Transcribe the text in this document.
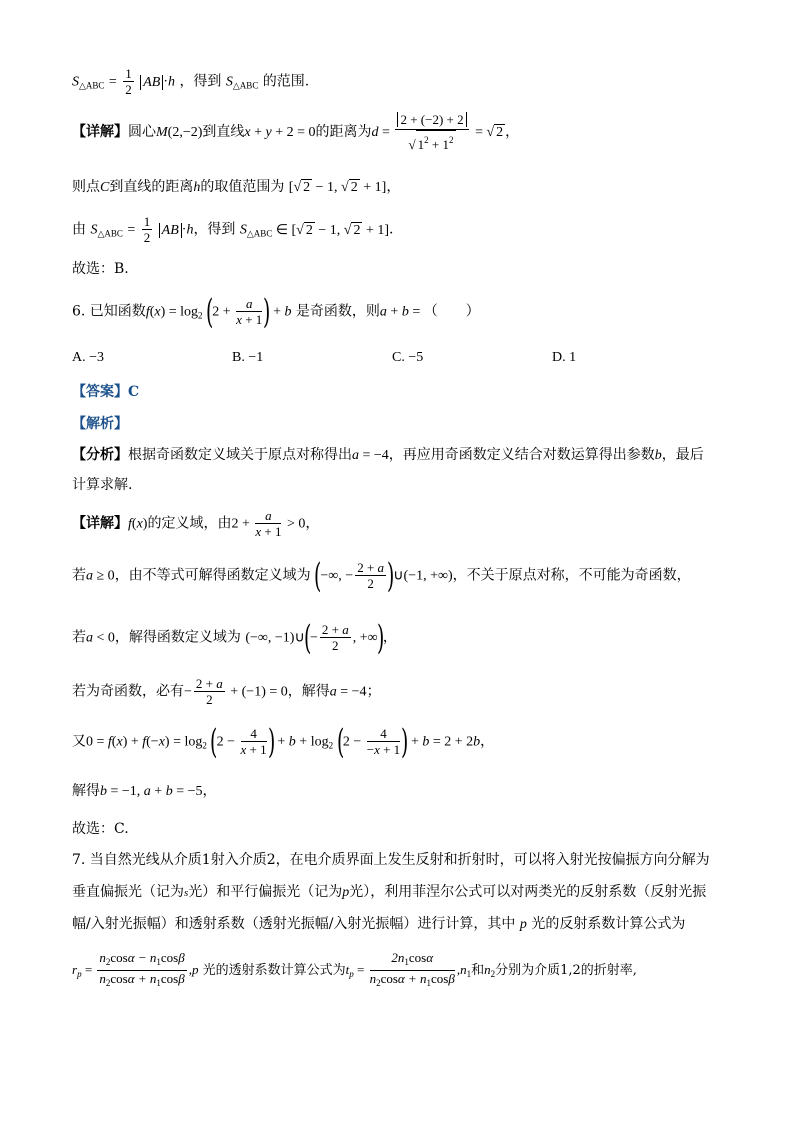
$S_{\triangle ABC} = \frac{1}{2}$ AB ·h ，得到 $S_{\triangle ABC}$ 的范围.
【详解】圆心M(2,−2)到直线x + y + 2 = 0的距离为$d = \frac{2 + (-2) + 2}{√ 1^2 + 1^2}$ = √ 2 ，
则点C到直线的距离h的取值范围为 [√ 2 − 1, √ 2 + 1]，
由 $S_{\triangle ABC} = \frac{1}{2}$ AB ·h，得到 $S_{\triangle ABC}$ ∈ [√ 2 − 1, √ 2 + 1].
故选：B.
6. 已知函数$f(x) = \log_2 (2 + \frac{a}{x + 1}$ ) + b 是奇函数，则a + b = （　　）
A. −3	B. −1	C. −5	D. 1
【答案】C
【解析】
【分析】根据奇函数定义域关于原点对称得出a = −4，再应用奇函数定义结合对数运算得出参数b，最后
计算求解.
【详解】f(x)的定义域，由$2 + \frac{a}{x + 1} > 0$，
若a ≥ 0，由不等式可解得函数定义域为 (−∞, − $\frac{2 + a}{2}$ )∪(−1, +∞)，不关于原点对称，不可能为奇函数，
若a < 0，解得函数定义域为 (−∞, −1)∪(− $\frac{2 + a}{2}$ , +∞)，
若为奇函数，必有− $\frac{2 + a}{2} + (-1) = 0$，解得a = −4；
又$0 = f(x) + f(-x) = \log_2 (2 - \frac{4}{x + 1}$ ) + $b + \log_2 (2 - \frac{4}{-x + 1}$ ) + b = 2 + 2b，
解得b = −1, a + b = −5，
故选：C.
7. 当自然光线从介质1射入介质2，在电介质界面上发生反射和折射时，可以将入射光按偏振方向分解为
垂直偏振光（记为s光）和平行偏振光（记为p光），利用菲涅尔公式可以对两类光的反射系数（反射光振
幅/入射光振幅）和透射系数（透射光振幅/入射光振幅）进行计算，其中 p 光的反射系数计算公式为
$r_p = \frac{n_2\cos\alpha - n_1\cos\beta}{n_2\cos\alpha + n_1\cos\beta} ,p$ 光的透射系数计算公式为$t_p = \frac{2n_1\cos\alpha}{n_2\cos\alpha + n_1\cos\beta} ,n_1$和$n_2$分别为介质1,2的折射率,
